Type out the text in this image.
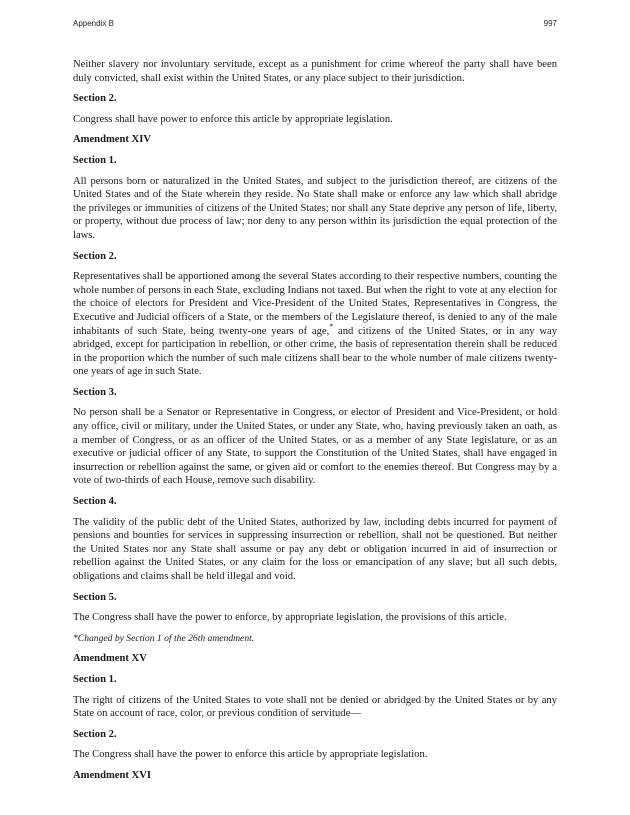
Appendix B	997

Neither slavery nor involuntary servitude, except as a punishment for crime whereof the party shall have been duly convicted, shall exist within the United States, or any place subject to their jurisdiction.

Section 2.

Congress shall have power to enforce this article by appropriate legislation.

Amendment XIV
Section 1.

All persons born or naturalized in the United States, and subject to the jurisdiction thereof, are citizens of the United States and of the State wherein they reside. No State shall make or enforce any law which shall abridge the privileges or immunities of citizens of the United States; nor shall any State deprive any person of life, liberty, or property, without due process of law; nor deny to any person within its jurisdiction the equal protection of the laws.

Section 2.

Representatives shall be apportioned among the several States according to their respective numbers, counting the whole number of persons in each State, excluding Indians not taxed. But when the right to vote at any election for the choice of electors for President and Vice-President of the United States, Representatives in Congress, the Executive and Judicial officers of a State, or the members of the Legislature thereof, is denied to any of the male inhabitants of such State, being twenty-one years of age,* and citizens of the United States, or in any way abridged, except for participation in rebellion, or other crime, the basis of representation therein shall be reduced in the proportion which the number of such male citizens shall bear to the whole number of male citizens twenty-one years of age in such State.

Section 3.

No person shall be a Senator or Representative in Congress, or elector of President and Vice-President, or hold any office, civil or military, under the United States, or under any State, who, having previously taken an oath, as a member of Congress, or as an officer of the United States, or as a member of any State legislature, or as an executive or judicial officer of any State, to support the Constitution of the United States, shall have engaged in insurrection or rebellion against the same, or given aid or comfort to the enemies thereof. But Congress may by a vote of two-thirds of each House, remove such disability.

Section 4.

The validity of the public debt of the United States, authorized by law, including debts incurred for payment of pensions and bounties for services in suppressing insurrection or rebellion, shall not be questioned. But neither the United States nor any State shall assume or pay any debt or obligation incurred in aid of insurrection or rebellion against the United States, or any claim for the loss or emancipation of any slave; but all such debts, obligations and claims shall be held illegal and void.

Section 5.

The Congress shall have the power to enforce, by appropriate legislation, the provisions of this article.

*Changed by Section 1 of the 26th amendment.

Amendment XV
Section 1.

The right of citizens of the United States to vote shall not be denied or abridged by the United States or by any State on account of race, color, or previous condition of servitude—

Section 2.

The Congress shall have the power to enforce this article by appropriate legislation.

Amendment XVI
